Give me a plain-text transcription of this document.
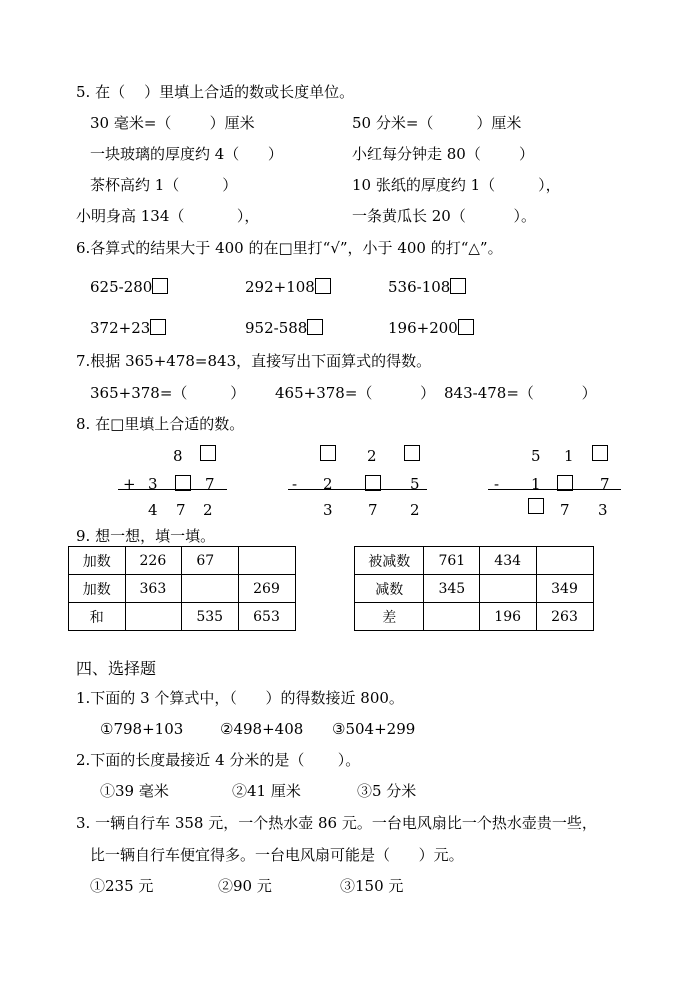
5. 在（    ）里填上合适的数或长度单位。
30 毫米=（        ）厘米	50 分米=（         ）厘米
一块玻璃的厚度约 4（      ）	小红每分钟走 80（        ）
茶杯高约 1（         ）	10 张纸的厚度约 1（         ），
小明身高 134（           ），	一条黄瓜长 20（          ）。
6.各算式的结果大于 400 的在□里打“√”，小于 400 的打“△”。
625-280	292+108	536-108
372+23	952-588	196+200
7.根据 365+478=843，直接写出下面算式的得数。
365+378=（         ） 465+378=（          ） 843-478=（          ）
8. 在□里填上合适的数。
8
+ 3	7
4 7 2
2
- 2	5
3 7 2
5 1
- 1	7
7 3
9. 想一想，填一填。
加数	226	67	
加数	363		269
和		535	653
被减数	761	434	
减数	345		349
差		196	263
四、选择题
1.下面的 3 个算式中，（      ）的得数接近 800。
①798+103 ②498+408 ③504+299
2.下面的长度最接近 4 分米的是（       ）。
①39 毫米	②41 厘米	③5 分米
3. 一辆自行车 358 元，一个热水壶 86 元。一台电风扇比一个热水壶贵一些，
比一辆自行车便宜得多。一台电风扇可能是（      ）元。
①235 元	②90 元	③150 元
